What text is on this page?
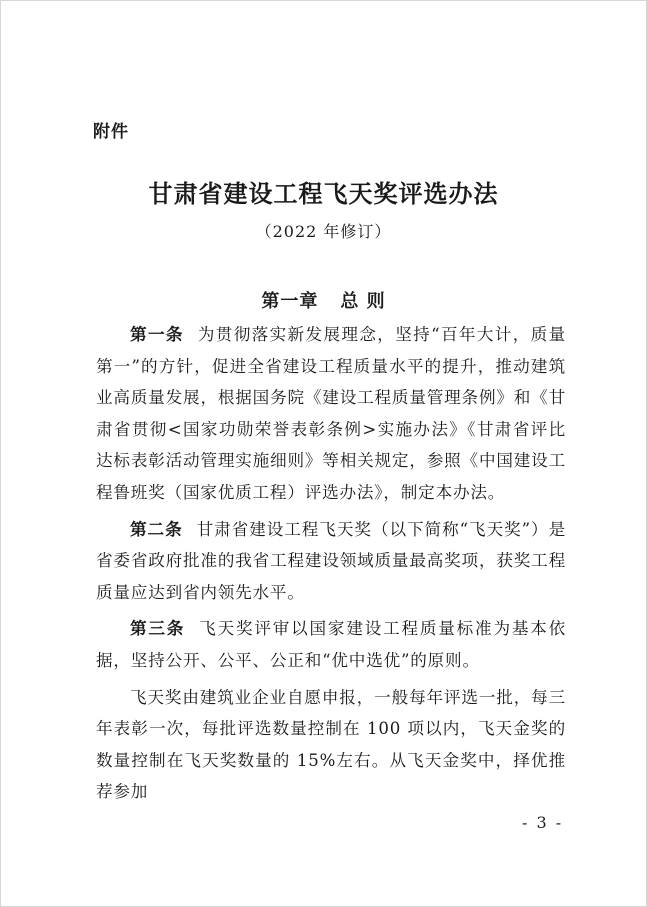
附件
甘肃省建设工程飞天奖评选办法
（2022 年修订）
第一章 总 则

第一条 为贯彻落实新发展理念，坚持“百年大计，质量第一”的方针，促进全省建设工程质量水平的提升，推动建筑业高质量发展，根据国务院《建设工程质量管理条例》和《甘肃省贯彻<国家功勋荣誉表彰条例>实施办法》《甘肃省评比达标表彰活动管理实施细则》等相关规定，参照《中国建设工程鲁班奖（国家优质工程）评选办法》，制定本办法。

第二条 甘肃省建设工程飞天奖（以下简称“飞天奖”）是省委省政府批准的我省工程建设领域质量最高奖项，获奖工程质量应达到省内领先水平。

第三条 飞天奖评审以国家建设工程质量标准为基本依据，坚持公开、公平、公正和“优中选优”的原则。

飞天奖由建筑业企业自愿申报，一般每年评选一批，每三年表彰一次，每批评选数量控制在 100 项以内，飞天金奖的数量控制在飞天奖数量的 15%左右。从飞天金奖中，择优推荐参加

- 3 -
